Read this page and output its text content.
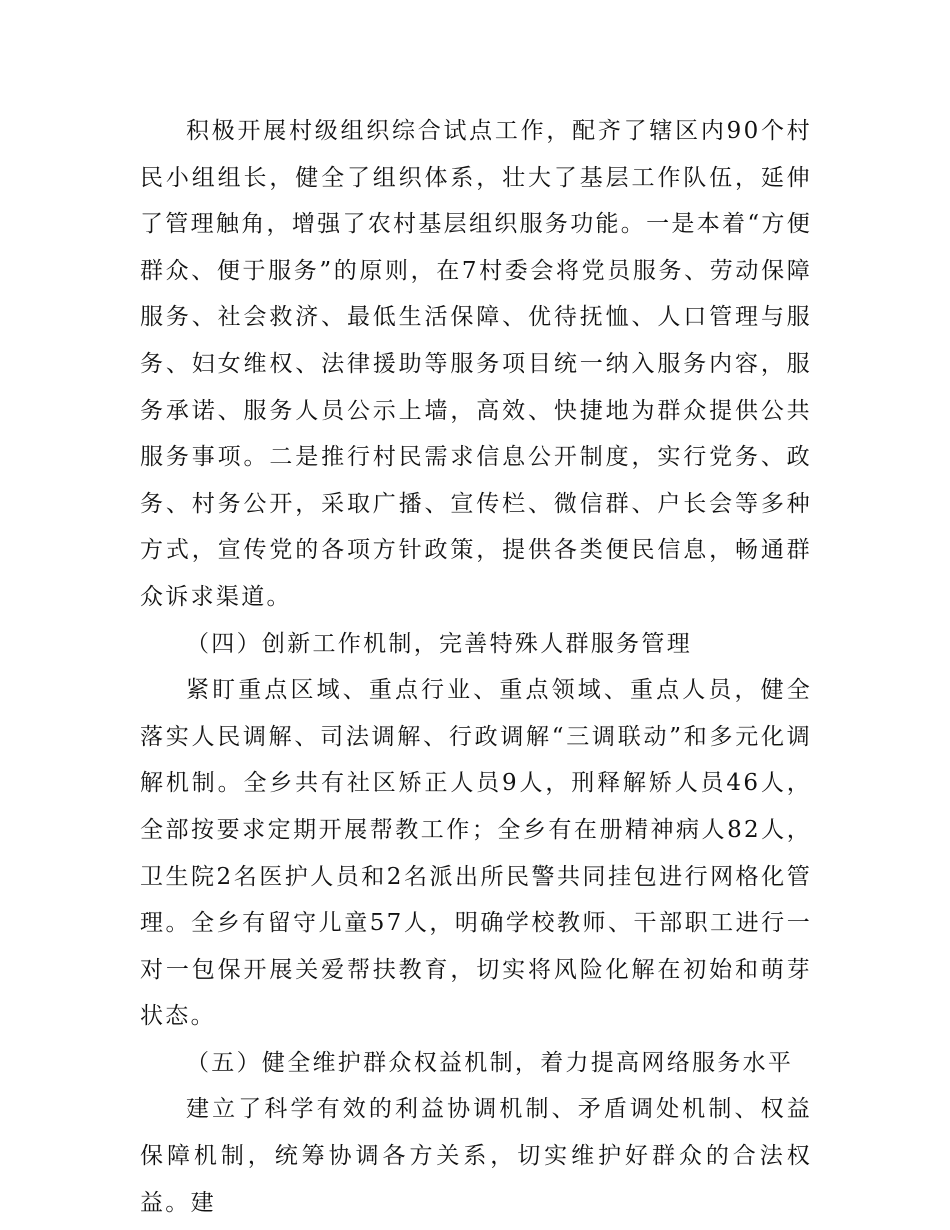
积极开展村级组织综合试点工作，配齐了辖区内90个村民小组组长，健全了组织体系，壮大了基层工作队伍，延伸了管理触角，增强了农村基层组织服务功能。一是本着“方便群众、便于服务”的原则，在7村委会将党员服务、劳动保障服务、社会救济、最低生活保障、优待抚恤、人口管理与服务、妇女维权、法律援助等服务项目统一纳入服务内容，服务承诺、服务人员公示上墙，高效、快捷地为群众提供公共服务事项。二是推行村民需求信息公开制度，实行党务、政务、村务公开，采取广播、宣传栏、微信群、户长会等多种方式，宣传党的各项方针政策，提供各类便民信息，畅通群众诉求渠道。

（四）创新工作机制，完善特殊人群服务管理

紧盯重点区域、重点行业、重点领域、重点人员，健全落实人民调解、司法调解、行政调解“三调联动”和多元化调解机制。全乡共有社区矫正人员9人，刑释解矫人员46人，全部按要求定期开展帮教工作；全乡有在册精神病人82人，卫生院2名医护人员和2名派出所民警共同挂包进行网格化管理。全乡有留守儿童57人，明确学校教师、干部职工进行一对一包保开展关爱帮扶教育，切实将风险化解在初始和萌芽状态。

（五）健全维护群众权益机制，着力提高网络服务水平

建立了科学有效的利益协调机制、矛盾调处机制、权益保障机制，统筹协调各方关系，切实维护好群众的合法权益。建
